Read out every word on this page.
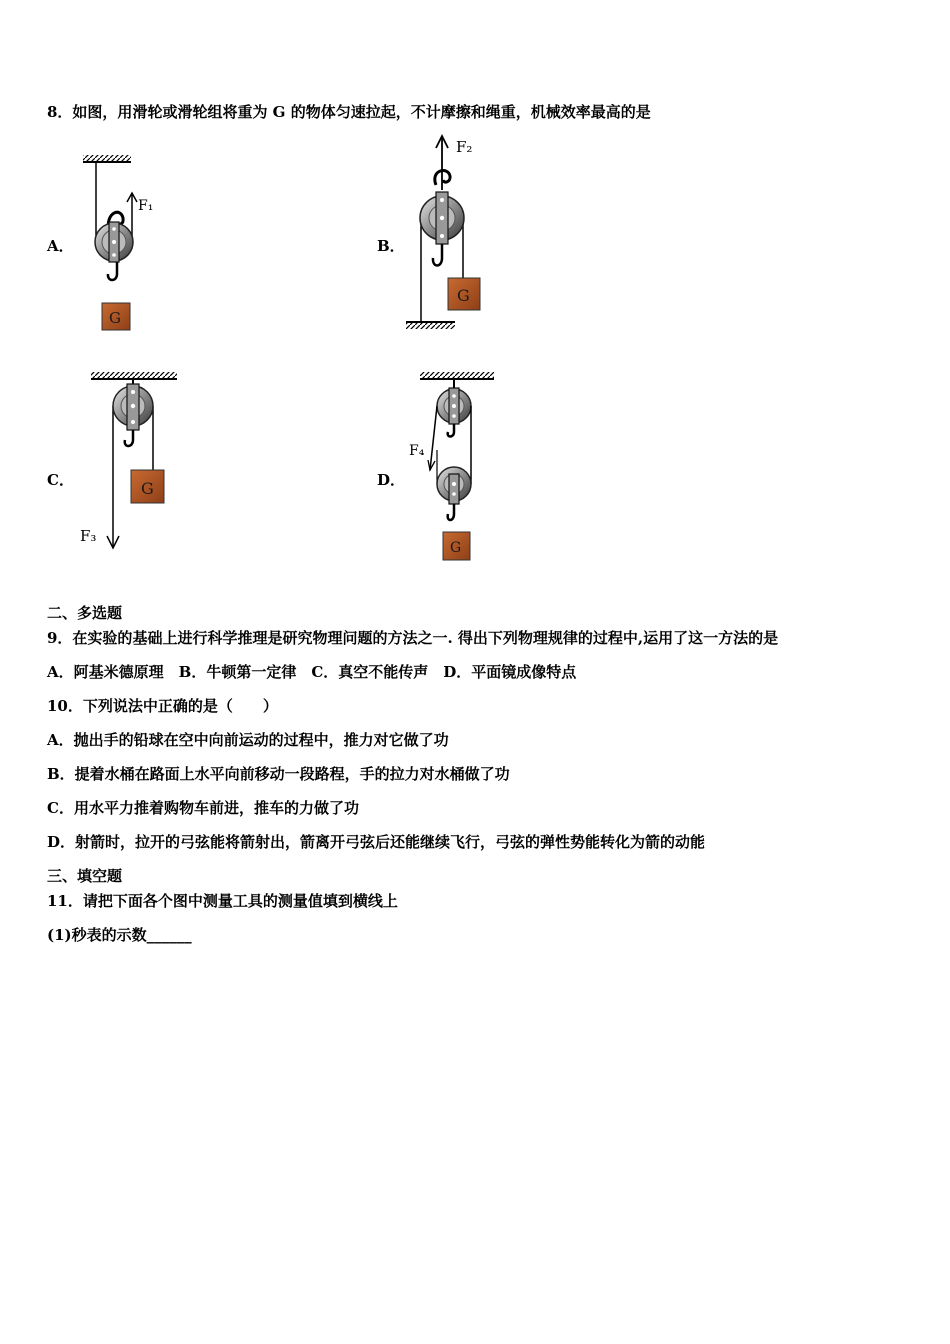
8．如图，用滑轮或滑轮组将重为 G 的物体匀速拉起，不计摩擦和绳重，机械效率最高的是
A．
F₁
G
B．
F₂
G
C．
F₃
G	D．
F₄
G
二、多选题
9．在实验的基础上进行科学推理是研究物理问题的方法之一. 得出下列物理规律的过程中,运用了这一方法的是
A．阿基米德原理　B．牛顿第一定律　C．真空不能传声　D．平面镜成像特点
10．下列说法中正确的是（　　）
A．抛出手的铅球在空中向前运动的过程中，推力对它做了功
B．提着水桶在路面上水平向前移动一段路程，手的拉力对水桶做了功
C．用水平力推着购物车前进，推车的力做了功
D．射箭时，拉开的弓弦能将箭射出，箭离开弓弦后还能继续飞行，弓弦的弹性势能转化为箭的动能
三、填空题
11．请把下面各个图中测量工具的测量值填到横线上
(1)秒表的示数______
